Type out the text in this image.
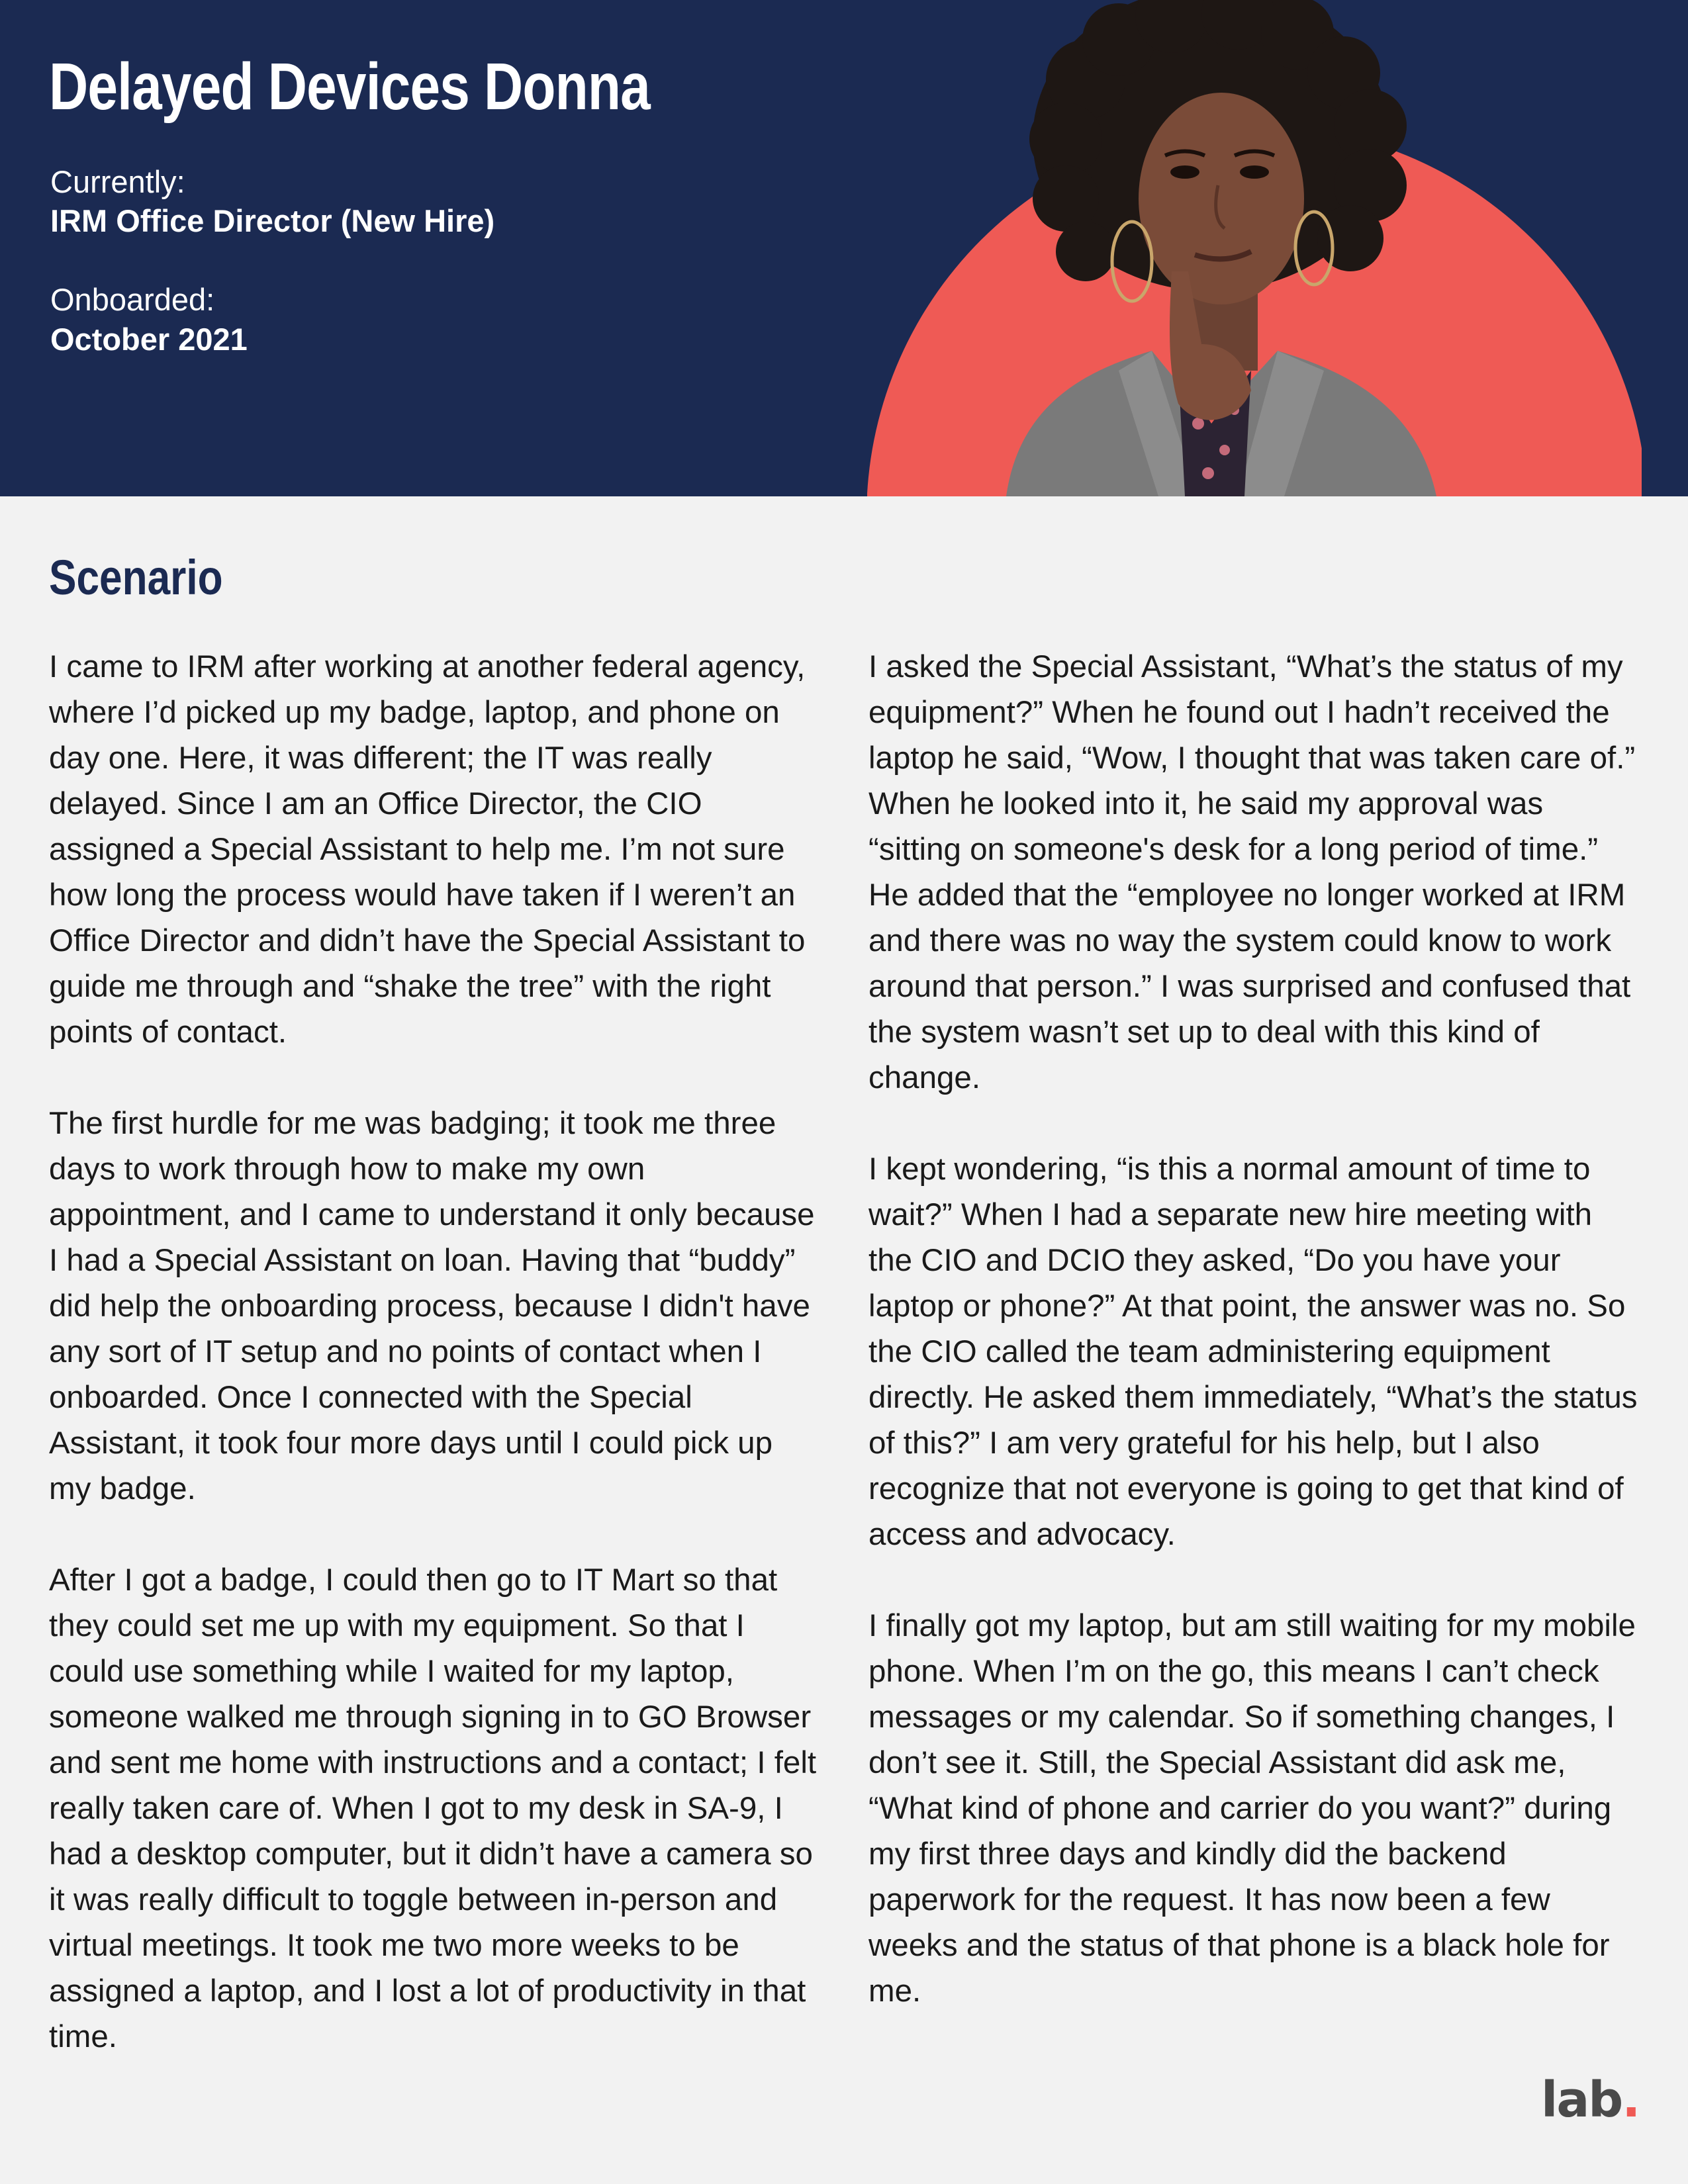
Delayed Devices Donna
Currently:
IRM Office Director (New Hire)
Onboarded:
October 2021
Scenario

I came to IRM after working at another federal agency, where I’d picked up my badge, laptop, and phone on day one. Here, it was different; the IT was really delayed. Since I am an Office Director, the CIO assigned a Special Assistant to help me. I’m not sure how long the process would have taken if I weren’t an Office Director and didn’t have the Special Assistant to guide me through and “shake the tree” with the right points of contact.

The first hurdle for me was badging; it took me three days to work through how to make my own appointment, and I came to understand it only because I had a Special Assistant on loan. Having that “buddy” did help the onboarding process, because I didn't have any sort of IT setup and no points of contact when I onboarded. Once I connected with the Special Assistant, it took four more days until I could pick up my badge.

After I got a badge, I could then go to IT Mart so that they could set me up with my equipment. So that I could use something while I waited for my laptop, someone walked me through signing in to GO Browser and sent me home with instructions and a contact; I felt really taken care of. When I got to my desk in SA-9, I had a desktop computer, but it didn’t have a camera so it was really difficult to toggle between in-person and virtual meetings. It took me two more weeks to be assigned a laptop, and I lost a lot of productivity in that time.

I asked the Special Assistant, “What’s the status of my equipment?” When he found out I hadn’t received the laptop he said, “Wow, I thought that was taken care of.” When he looked into it, he said my approval was “sitting on someone's desk for a long period of time.” He added that the “employee no longer worked at IRM and there was no way the system could know to work around that person.” I was surprised and confused that the system wasn’t set up to deal with this kind of change.

I kept wondering, “is this a normal amount of time to wait?” When I had a separate new hire meeting with the CIO and DCIO they asked, “Do you have your laptop or phone?” At that point, the answer was no. So the CIO called the team administering equipment directly. He asked them immediately, “What’s the status of this?” I am very grateful for his help, but I also recognize that not everyone is going to get that kind of access and advocacy.

I finally got my laptop, but am still waiting for my mobile phone. When I’m on the go, this means I can’t check messages or my calendar. So if something changes, I don’t see it. Still, the Special Assistant did ask me, “What kind of phone and carrier do you want?” during my first three days and kindly did the backend paperwork for the request. It has now been a few weeks and the status of that phone is a black hole for me.

lab.
